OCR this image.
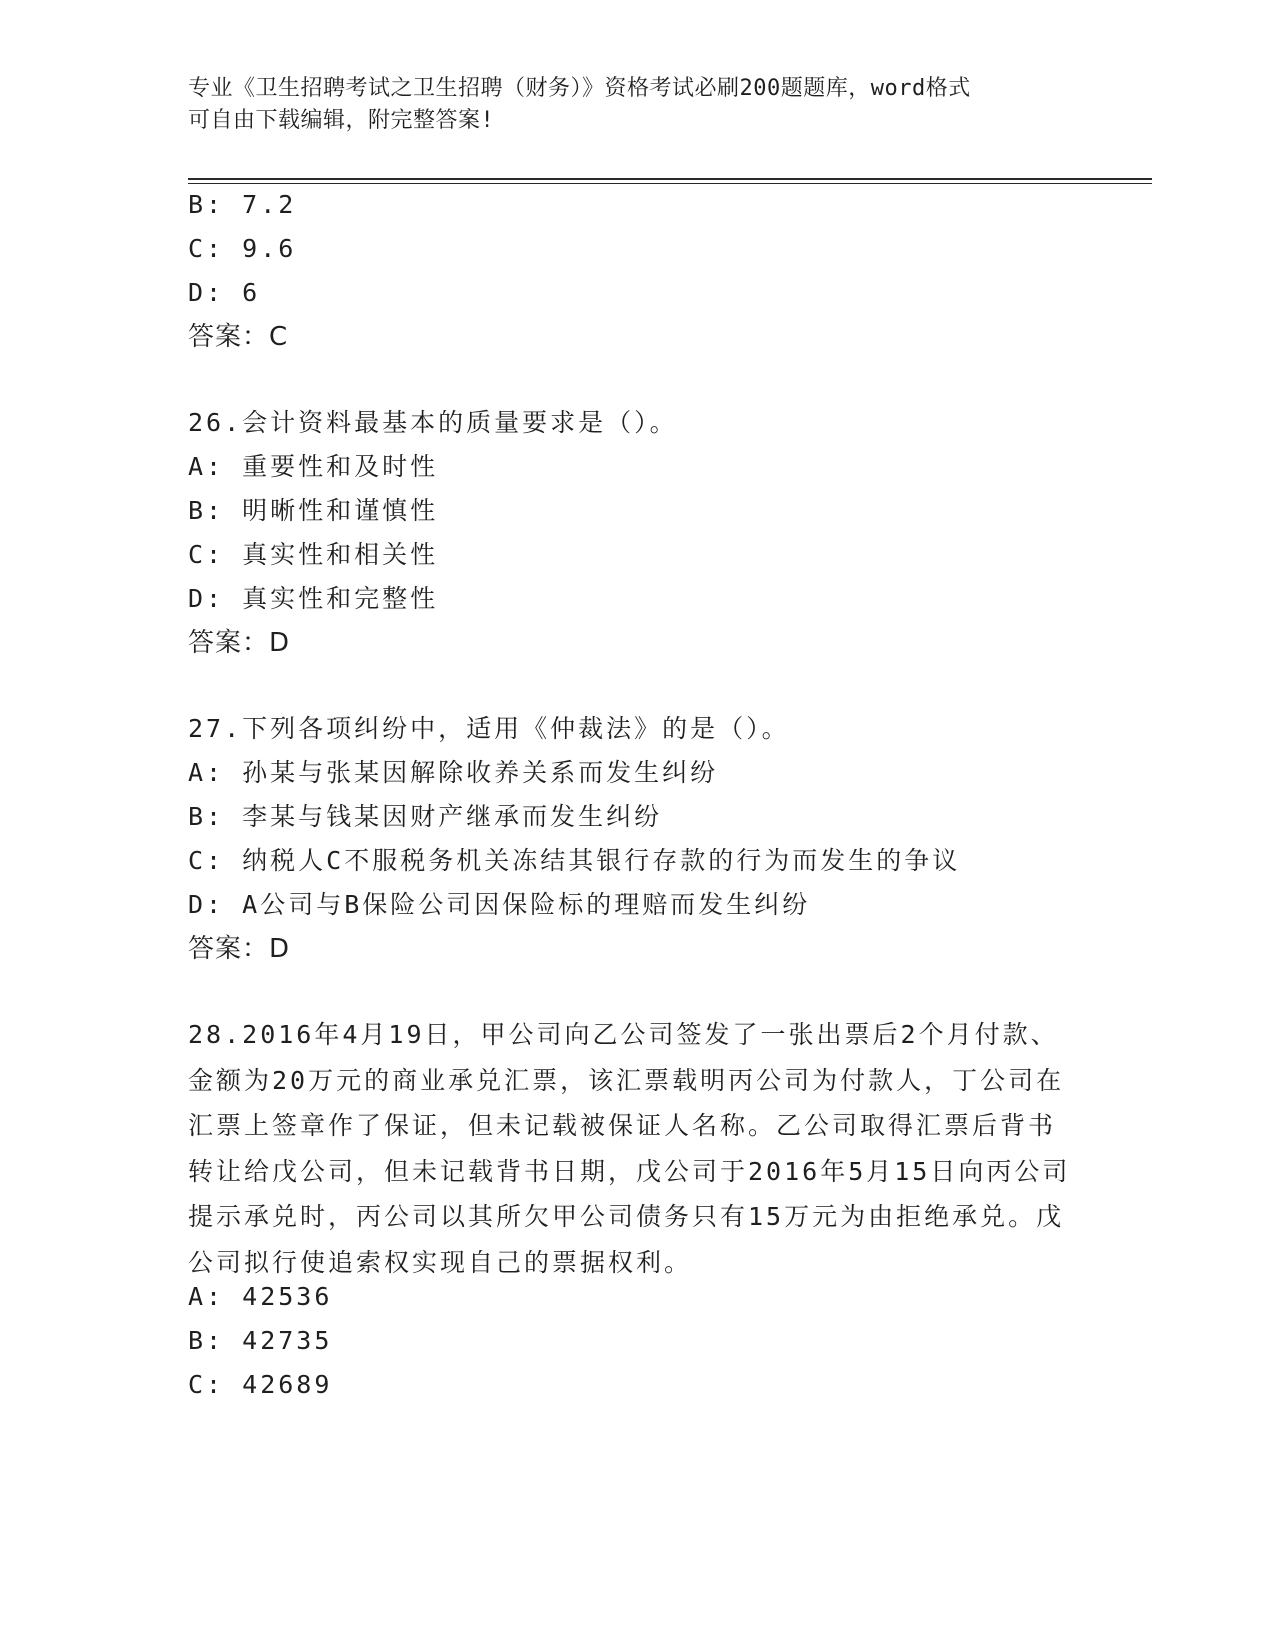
专业《卫生招聘考试之卫生招聘（财务）》资格考试必刷200题题库，word格式
可自由下载编辑，附完整答案!
B: 7.2
C: 9.6
D: 6
答案：C
26.会计资料最基本的质量要求是（）。
A: 重要性和及时性
B: 明晰性和谨慎性
C: 真实性和相关性
D: 真实性和完整性
答案：D
27.下列各项纠纷中，适用《仲裁法》的是（）。
A: 孙某与张某因解除收养关系而发生纠纷
B: 李某与钱某因财产继承而发生纠纷
C: 纳税人C不服税务机关冻结其银行存款的行为而发生的争议
D: A公司与B保险公司因保险标的理赔而发生纠纷
答案：D
28.2016年4月19日，甲公司向乙公司签发了一张出票后2个月付款、金额为20万元的商业承兑汇票，该汇票载明丙公司为付款人，丁公司在汇票上签章作了保证，但未记载被保证人名称。乙公司取得汇票后背书转让给戊公司，但未记载背书日期，戊公司于2016年5月15日向丙公司提示承兑时，丙公司以其所欠甲公司债务只有15万元为由拒绝承兑。戊公司拟行使追索权实现自己的票据权利。
A: 42536
B: 42735
C: 42689
